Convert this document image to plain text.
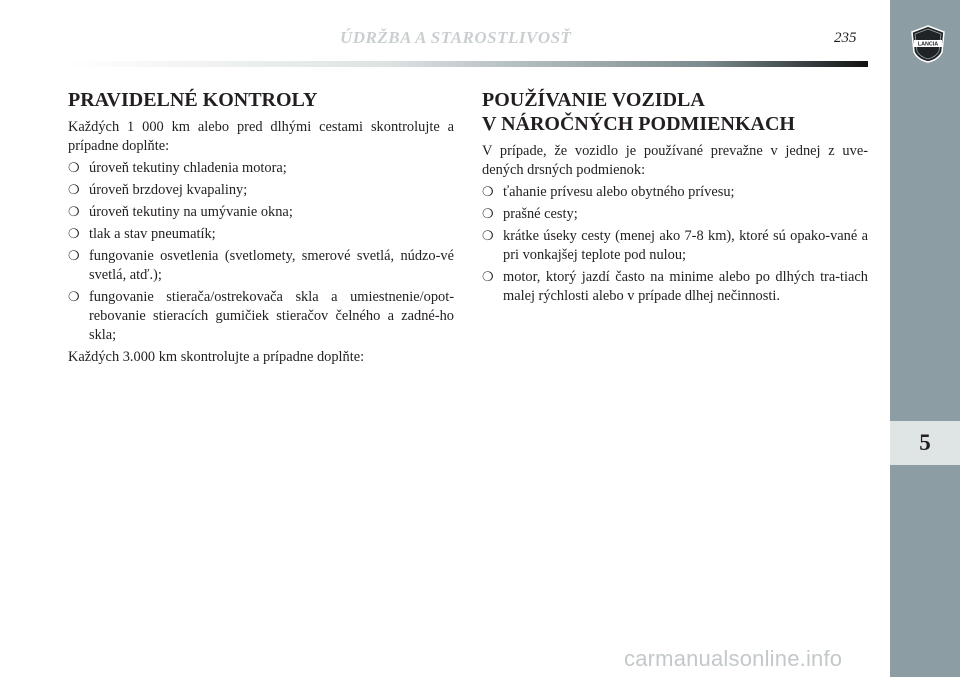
LANCIA
5
ÚDRŽBA A STAROSTLIVOSŤ	235
PRAVIDELNÉ KONTROLY

Každých 1 000 km alebo pred dlhými cestami skontrolujte a prípadne doplňte:

❍ úroveň tekutiny chladenia motora;
❍ úroveň brzdovej kvapaliny;
❍ úroveň tekutiny na umývanie okna;
❍ tlak a stav pneumatík;
❍ fungovanie osvetlenia (svetlomety, smerové svetlá, núdzo-vé svetlá, atď.);
❍ fungovanie stierača/ostrekovača skla a umiestnenie/opot-rebovanie stieracích gumičiek stieračov čelného a zadné-ho skla;

Každých 3.000 km skontrolujte a prípadne doplňte:

POUŽÍVANIE VOZIDLA
V NÁROČNÝCH PODMIENKACH

V prípade, že vozidlo je používané prevažne v jednej z uve-dených drsných podmienok:

❍ ťahanie prívesu alebo obytného prívesu;
❍ prašné cesty;
❍ krátke úseky cesty (menej ako 7-8 km), ktoré sú opako-vané a pri vonkajšej teplote pod nulou;
❍ motor, ktorý jazdí často na minime alebo po dlhých tra-tiach malej rýchlosti alebo v prípade dlhej nečinnosti.
carmanualsonline.info
